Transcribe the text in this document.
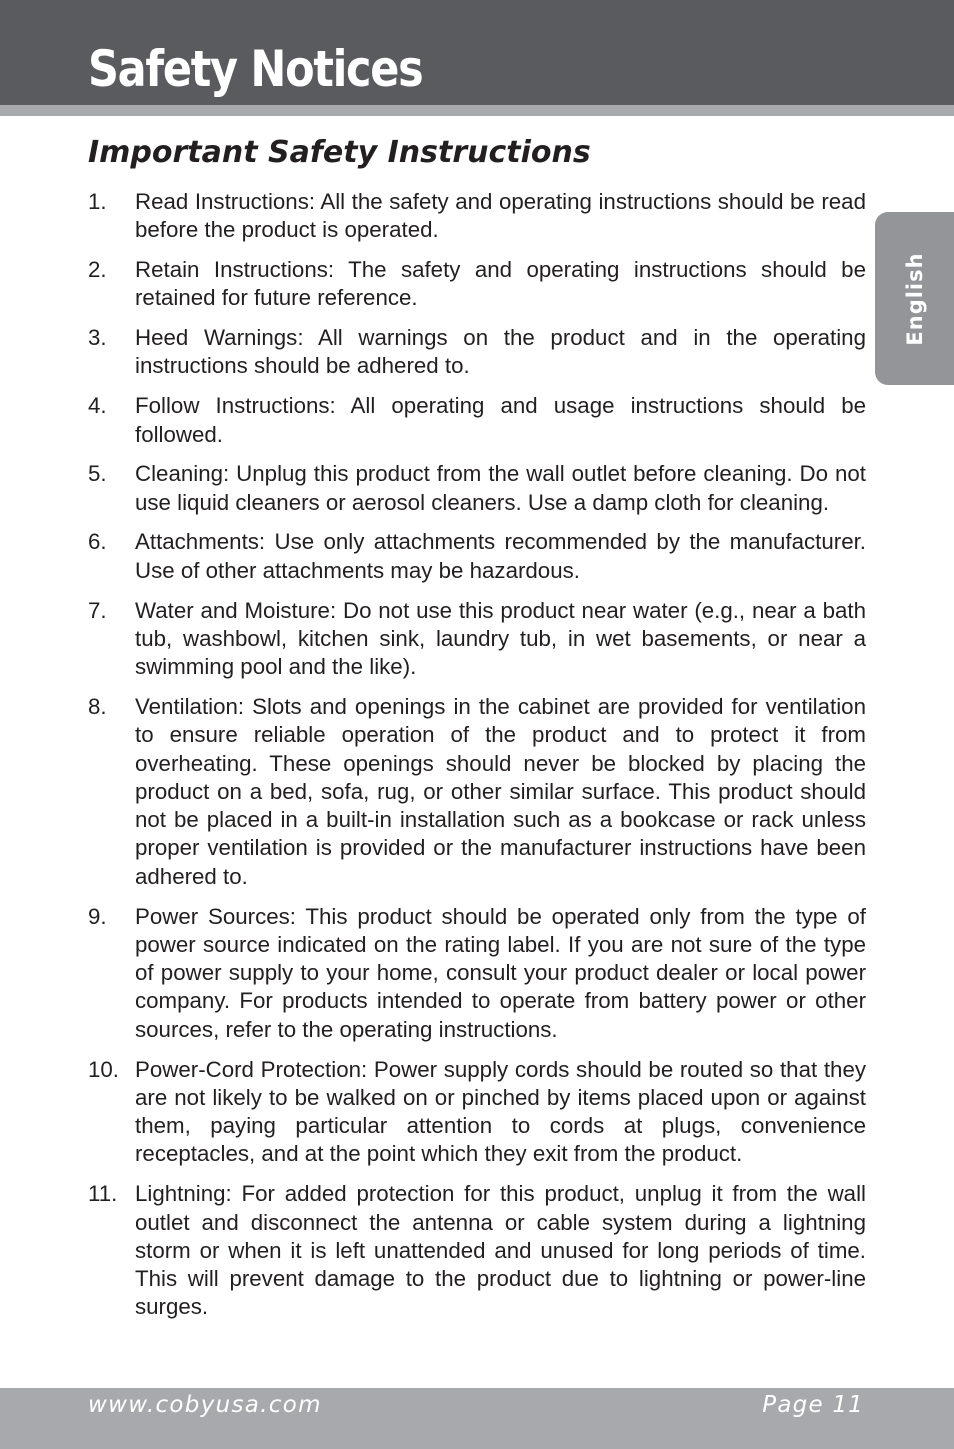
Safety Notices
Important Safety Instructions
English
1.	Read Instructions: All the safety and operating instructions should be read before the product is operated.
2.	Retain Instructions: The safety and operating instructions should be retained for future reference.
3.	Heed Warnings: All warnings on the product and in the operating instructions should be adhered to.
4.	Follow Instructions: All operating and usage instructions should be followed.
5.	Cleaning: Unplug this product from the wall outlet before cleaning. Do not use liquid cleaners or aerosol cleaners. Use a damp cloth for cleaning.
6.	Attachments: Use only attachments recommended by the manufacturer. Use of other attachments may be hazardous.
7.	Water and Moisture: Do not use this product near water (e.g., near a bath tub, washbowl, kitchen sink, laundry tub, in wet basements, or near a swimming pool and the like).
8.	Ventilation: Slots and openings in the cabinet are provided for ventilation to ensure reliable operation of the product and to protect it from overheating. These openings should never be blocked by placing the product on a bed, sofa, rug, or other similar surface. This product should not be placed in a built-in installation such as a bookcase or rack unless proper ventilation is provided or the manufacturer instructions have been adhered to.
9.	Power Sources: This product should be operated only from the type of power source indicated on the rating label. If you are not sure of the type of power supply to your home, consult your product dealer or local power company. For products intended to operate from battery power or other sources, refer to the operating instructions.
10. Power-Cord Protection: Power supply cords should be routed so that they are not likely to be walked on or pinched by items placed upon or against them, paying particular attention to cords at plugs, convenience receptacles, and at the point which they exit from the product.
11. Lightning: For added protection for this product, unplug it from the wall outlet and disconnect the antenna or cable system during a lightning storm or when it is left unattended and unused for long periods of time. This will prevent damage to the product due to lightning or power-line surges.
www.cobyusa.com	Page 11
